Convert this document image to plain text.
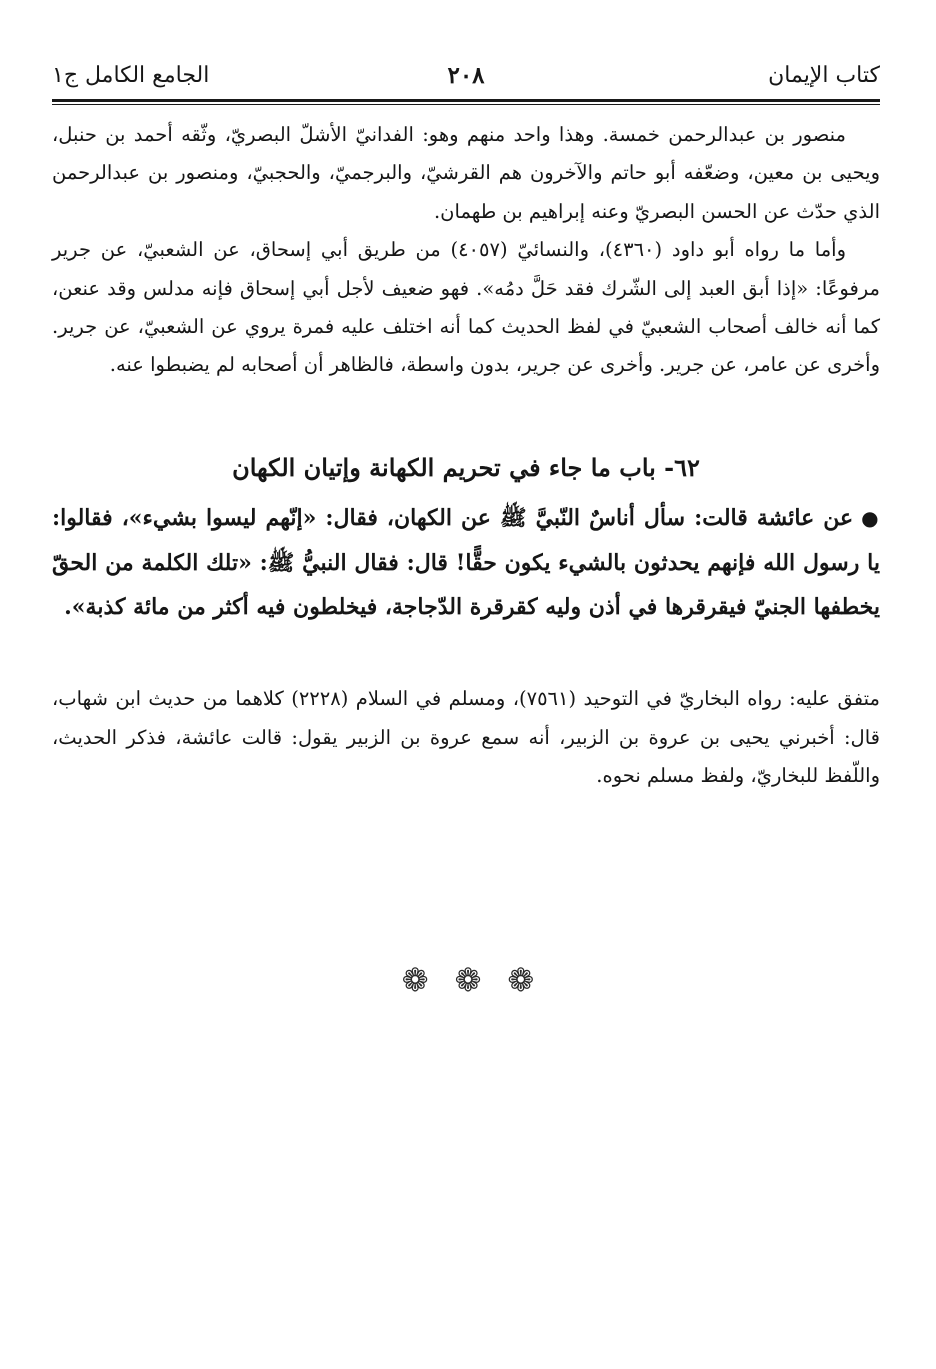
كتاب الإيمان
٢٠٨
الجامع الكامل ج١

منصور بن عبدالرحمن خمسة. وهذا واحد منهم وهو: الفدانيّ الأشلّ البصريّ، وثّقه أحمد بن حنبل، ويحيى بن معين، وضعّفه أبو حاتم والآخرون هم القرشيّ، والبرجميّ، والحجبيّ، ومنصور بن عبدالرحمن الذي حدّث عن الحسن البصريّ وعنه إبراهيم بن طهمان.

وأما ما رواه أبو داود (٤٣٦٠)، والنسائيّ (٤٠٥٧) من طريق أبي إسحاق، عن الشعبيّ، عن جرير مرفوعًا: «إذا أبق العبد إلى الشّرك فقد حَلَّ دمُه». فهو ضعيف لأجل أبي إسحاق فإنه مدلس وقد عنعن، كما أنه خالف أصحاب الشعبيّ في لفظ الحديث كما أنه اختلف عليه فمرة يروي عن الشعبيّ، عن جرير. وأخرى عن عامر، عن جرير. وأخرى عن جرير، بدون واسطة، فالظاهر أن أصحابه لم يضبطوا عنه.

٦٢- باب ما جاء في تحريم الكهانة وإتيان الكهان
●عن عائشة قالت: سأل أناسٌ النّبيَّ ﷺ عن الكهان، فقال: «إنّهم ليسوا بشيء»، فقالوا: يا رسول الله فإنهم يحدثون بالشيء يكون حقًّا! قال: فقال النبيُّ ﷺ: «تلك الكلمة من الحقّ يخطفها الجنيّ فيقرقرها في أذن وليه كقرقرة الدّجاجة، فيخلطون فيه أكثر من مائة كذبة».

متفق عليه: رواه البخاريّ في التوحيد (٧٥٦١)، ومسلم في السلام (٢٢٢٨) كلاهما من حديث ابن شهاب، قال: أخبرني يحيى بن عروة بن الزبير، أنه سمع عروة بن الزبير يقول: قالت عائشة، فذكر الحديث، واللّفظ للبخاريّ، ولفظ مسلم نحوه.

❁
❁
❁
